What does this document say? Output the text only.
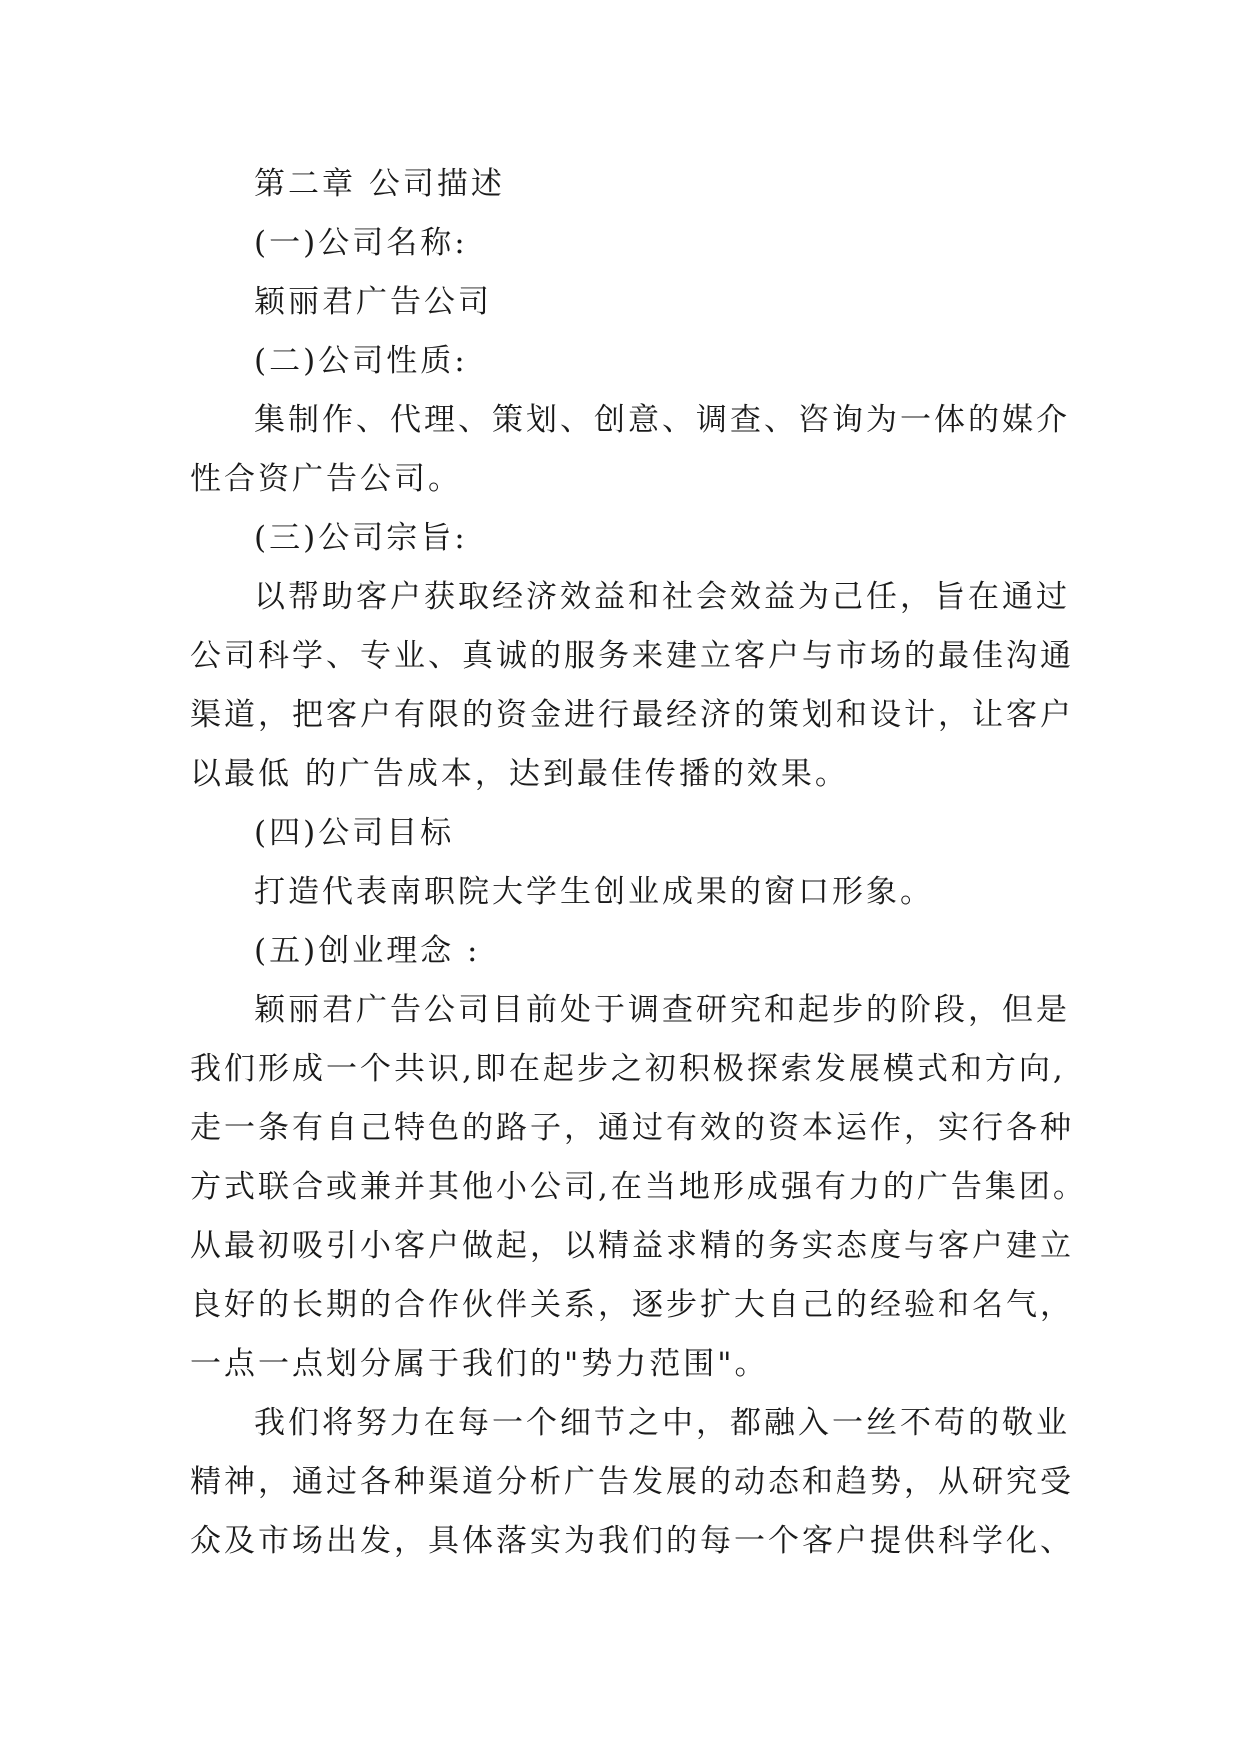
第二章 公司描述

(一)公司名称:

颖丽君广告公司

(二)公司性质:

集制作、代理、策划、创意、调查、咨询为一体的媒介

性合资广告公司。

(三)公司宗旨:

以帮助客户获取经济效益和社会效益为己任，旨在通过

公司科学、专业、真诚的服务来建立客户与市场的最佳沟通

渠道，把客户有限的资金进行最经济的策划和设计，让客户

以最低 的广告成本，达到最佳传播的效果。

(四)公司目标

打造代表南职院大学生创业成果的窗口形象。

(五)创业理念 :

颖丽君广告公司目前处于调查研究和起步的阶段，但是

我们形成一个共识,即在起步之初积极探索发展模式和方向,

走一条有自己特色的路子，通过有效的资本运作，实行各种

方式联合或兼并其他小公司,在当地形成强有力的广告集团。

从最初吸引小客户做起，以精益求精的务实态度与客户建立

良好的长期的合作伙伴关系，逐步扩大自己的经验和名气，

一点一点划分属于我们的"势力范围"。

我们将努力在每一个细节之中，都融入一丝不苟的敬业

精神，通过各种渠道分析广告发展的动态和趋势，从研究受

众及市场出发，具体落实为我们的每一个客户提供科学化、
